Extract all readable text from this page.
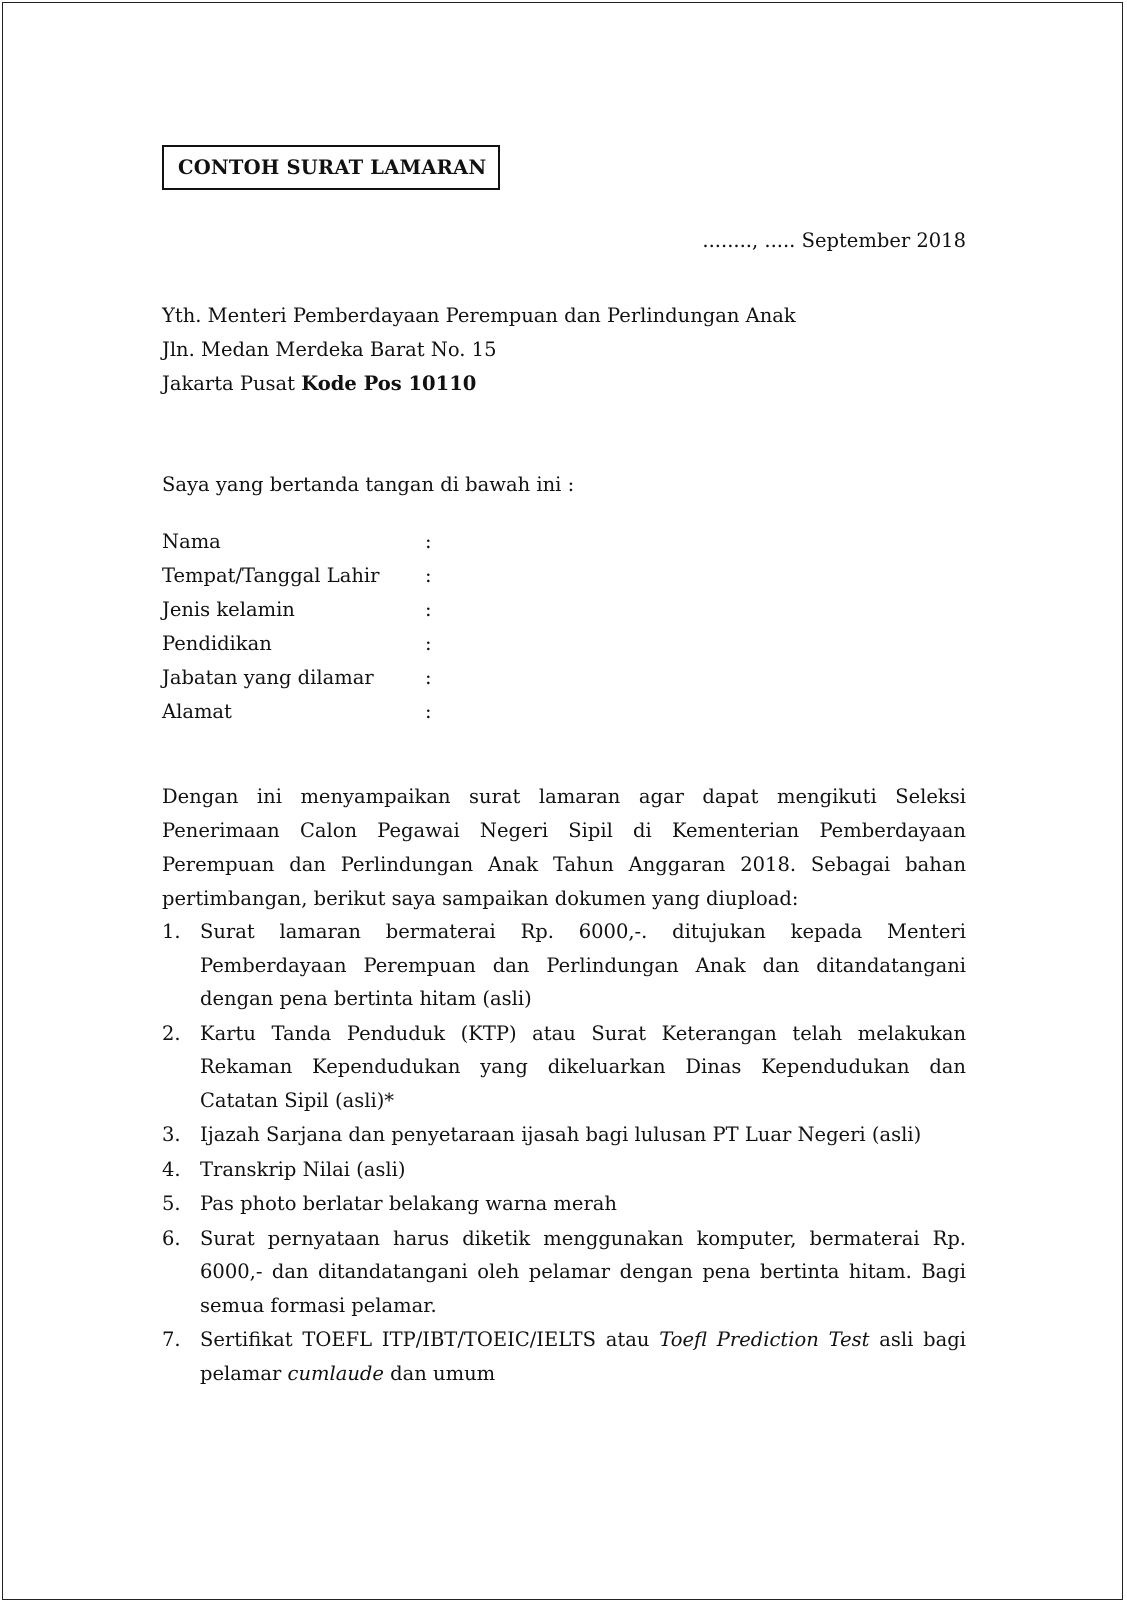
CONTOH SURAT LAMARAN
........, ..... September 2018
Yth. Menteri Pemberdayaan Perempuan dan Perlindungan Anak
Jln. Medan Merdeka Barat No. 15
Jakarta Pusat Kode Pos 10110
Saya yang bertanda tangan di bawah ini :
Nama	:
Tempat/Tanggal Lahir :
Jenis kelamin	:
Pendidikan	:
Jabatan yang dilamar	:
Alamat	:
Dengan ini menyampaikan surat lamaran agar dapat mengikuti Seleksi Penerimaan Calon Pegawai Negeri Sipil di Kementerian Pemberdayaan Perempuan dan Perlindungan Anak Tahun Anggaran 2018. Sebagai bahan pertimbangan, berikut saya sampaikan dokumen yang diupload:
1. Surat lamaran bermaterai Rp. 6000,-. ditujukan kepada Menteri Pemberdayaan Perempuan dan Perlindungan Anak dan ditandatangani dengan pena bertinta hitam (asli)
2. Kartu Tanda Penduduk (KTP) atau Surat Keterangan telah melakukan Rekaman Kependudukan yang dikeluarkan Dinas Kependudukan dan Catatan Sipil (asli)*
3. Ijazah Sarjana dan penyetaraan ijasah bagi lulusan PT Luar Negeri (asli)
4. Transkrip Nilai (asli)
5. Pas photo berlatar belakang warna merah
6. Surat pernyataan harus diketik menggunakan komputer, bermaterai Rp. 6000,- dan ditandatangani oleh pelamar dengan pena bertinta hitam. Bagi semua formasi pelamar.
7. Sertifikat TOEFL ITP/IBT/TOEIC/IELTS atau Toefl Prediction Test asli bagi pelamar cumlaude dan umum
